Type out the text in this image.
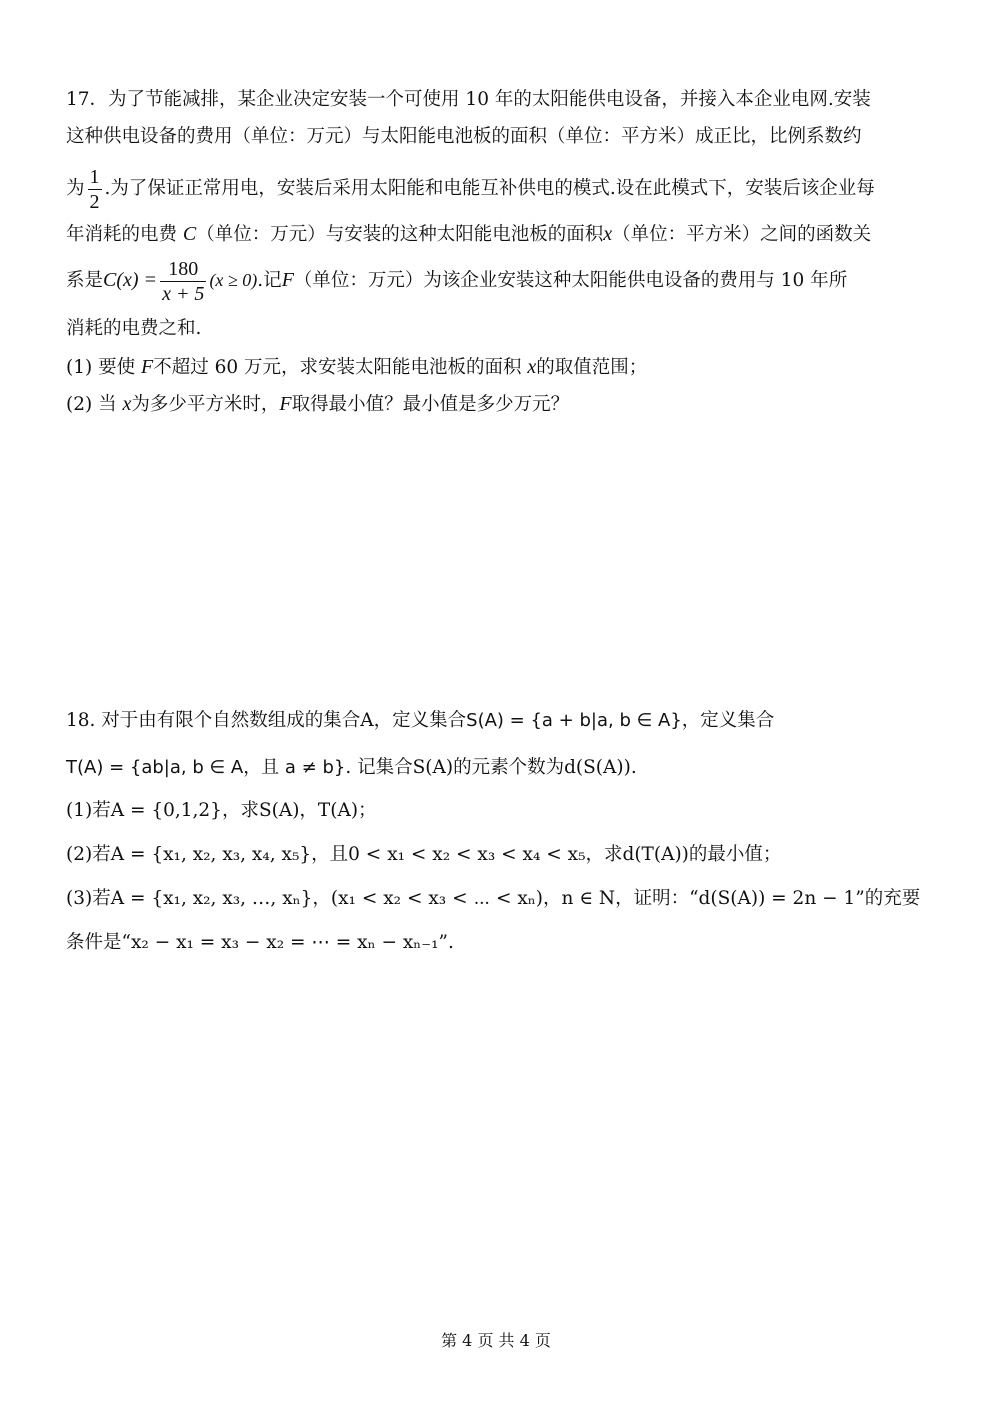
17．为了节能减排，某企业决定安装一个可使用 10 年的太阳能供电设备，并接入本企业电网.安装
这种供电设备的费用（单位：万元）与太阳能电池板的面积（单位：平方米）成正比，比例系数约
为 $\frac{1}{2}$ .为了保证正常用电，安装后采用太阳能和电能互补供电的模式.设在此模式下，安装后该企业每
年消耗的电费 C（单位：万元）与安装的这种太阳能电池板的面积x（单位：平方米）之间的函数关
系是$C(x) = \frac{180}{x + 5} (x \ge 0)$.记F（单位：万元）为该企业安装这种太阳能供电设备的费用与 10 年所
消耗的电费之和.
(1) 要使 F不超过 60 万元，求安装太阳能电池板的面积 x的取值范围；
(2) 当 x为多少平方米时，F取得最小值？最小值是多少万元？
18. 对于由有限个自然数组成的集合A，定义集合S(A) = {a + b|a, b ∈ A}，定义集合
T(A) = {ab|a, b ∈ A，且 a ≠ b}. 记集合S(A)的元素个数为d(S(A)).
(1)若A = {0,1,2}，求S(A)，T(A)；
(2)若A = {x₁, x₂, x₃, x₄, x₅}，且0 < x₁ < x₂ < x₃ < x₄ < x₅，求d(T(A))的最小值；
(3)若A = {x₁, x₂, x₃, …, xₙ}，(x₁ < x₂ < x₃ < ⋯ < xₙ)，n ∈ N，证明：“d(S(A)) = 2n − 1”的充要
条件是“x₂ − x₁ = x₃ − x₂ = ⋯ = xₙ − xₙ₋₁”.
第 4 页 共 4 页
